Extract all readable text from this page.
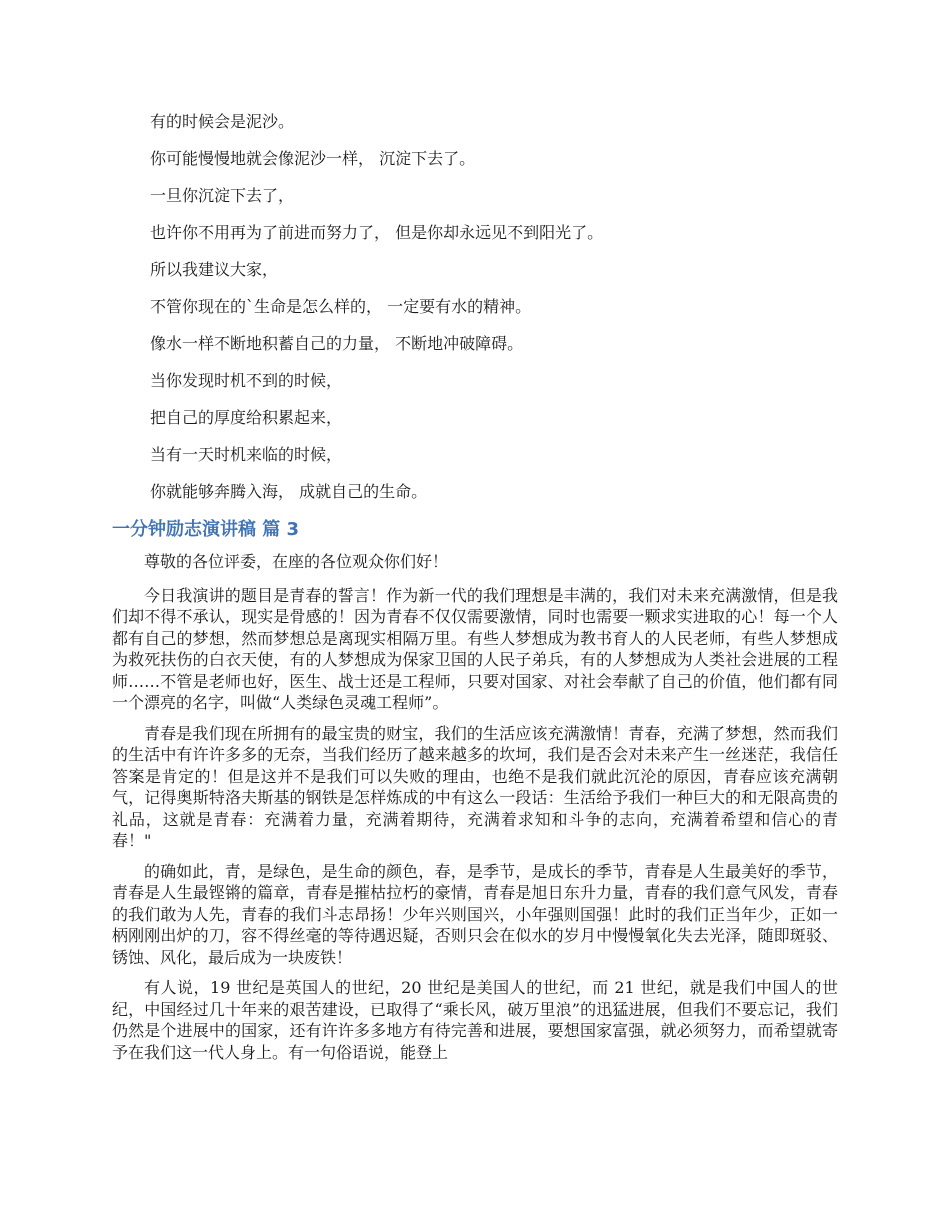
有的时候会是泥沙。

你可能慢慢地就会像泥沙一样， 沉淀下去了。

一旦你沉淀下去了，

也许你不用再为了前进而努力了， 但是你却永远见不到阳光了。

所以我建议大家，

不管你现在的`生命是怎么样的， 一定要有水的精神。

像水一样不断地积蓄自己的力量， 不断地冲破障碍。

当你发现时机不到的时候，

把自己的厚度给积累起来，

当有一天时机来临的时候，

你就能够奔腾入海， 成就自己的生命。

一分钟励志演讲稿 篇 3

尊敬的各位评委，在座的各位观众你们好！

今日我演讲的题目是青春的誓言！作为新一代的我们理想是丰满的，我们对未来充满激情，但是我们却不得不承认，现实是骨感的！因为青春不仅仅需要激情，同时也需要一颗求实进取的心！每一个人都有自己的梦想，然而梦想总是离现实相隔万里。有些人梦想成为教书育人的人民老师，有些人梦想成为救死扶伤的白衣天使，有的人梦想成为保家卫国的人民子弟兵，有的人梦想成为人类社会进展的工程师……不管是老师也好，医生、战士还是工程师，只要对国家、对社会奉献了自己的价值，他们都有同一个漂亮的名字，叫做“人类绿色灵魂工程师”。

青春是我们现在所拥有的最宝贵的财宝，我们的生活应该充满激情！青春，充满了梦想，然而我们的生活中有许许多多的无奈，当我们经历了越来越多的坎坷，我们是否会对未来产生一丝迷茫，我信任答案是肯定的！但是这并不是我们可以失败的理由，也绝不是我们就此沉沦的原因，青春应该充满朝气，记得奥斯特洛夫斯基的钢铁是怎样炼成的中有这么一段话：生活给予我们一种巨大的和无限高贵的礼品，这就是青春：充满着力量，充满着期待，充满着求知和斗争的志向，充满着希望和信心的青春！"

的确如此，青，是绿色，是生命的颜色，春，是季节，是成长的季节，青春是人生最美好的季节，青春是人生最铿锵的篇章，青春是摧枯拉朽的豪情，青春是旭日东升力量，青春的我们意气风发，青春的我们敢为人先，青春的我们斗志昂扬！少年兴则国兴，小年强则国强！此时的我们正当年少，正如一柄刚刚出炉的刀，容不得丝毫的等待遇迟疑，否则只会在似水的岁月中慢慢氧化失去光泽，随即斑驳、锈蚀、风化，最后成为一块废铁！

有人说，19 世纪是英国人的世纪，20 世纪是美国人的世纪，而 21 世纪，就是我们中国人的世纪，中国经过几十年来的艰苦建设，已取得了“乘长风，破万里浪”的迅猛进展，但我们不要忘记，我们仍然是个进展中的国家，还有许许多多地方有待完善和进展，要想国家富强，就必须努力，而希望就寄予在我们这一代人身上。有一句俗语说，能登上
